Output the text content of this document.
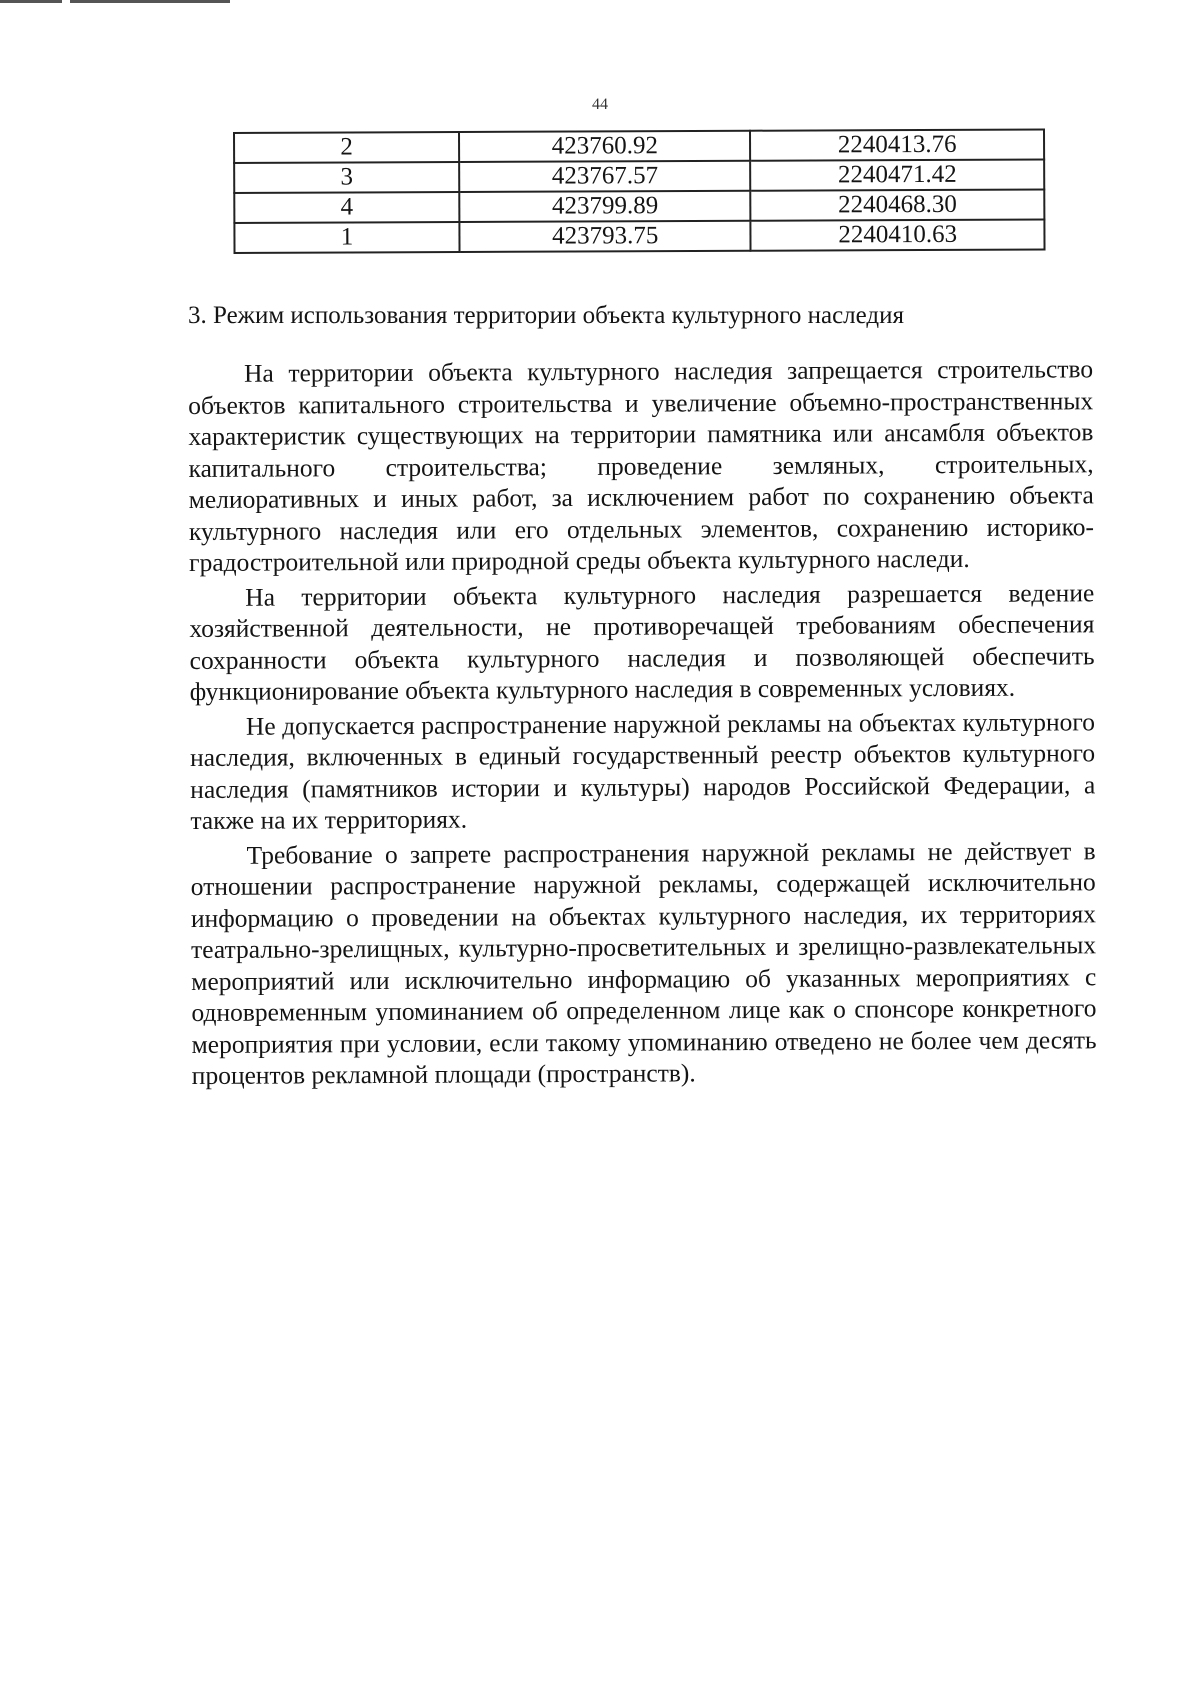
44
2	423760.92	2240413.76
3	423767.57	2240471.42
4	423799.89	2240468.30
1	423793.75	2240410.63
3. Режим использования территории объекта культурного наследия

На территории объекта культурного наследия запрещается строительство объектов капитального строительства и увеличение объемно-пространственных характеристик существующих на территории памятника или ансамбля объектов капитального строительства; проведение земляных, строительных, мелиоративных и иных работ, за исключением работ по сохранению объекта культурного наследия или его отдельных элементов, сохранению историко-градостроительной или природной среды объекта культурного наследи.

На территории объекта культурного наследия разрешается ведение хозяйственной деятельности, не противоречащей требованиям обеспечения сохранности объекта культурного наследия и позволяющей обеспечить функционирование объекта культурного наследия в современных условиях.

Не допускается распространение наружной рекламы на объектах культурного наследия, включенных в единый государственный реестр объектов культурного наследия (памятников истории и культуры) народов Российской Федерации, а также на их территориях.

Требование о запрете распространения наружной рекламы не действует в отношении распространение наружной рекламы, содержащей исключительно информацию о проведении на объектах культурного наследия, их территориях театрально-зрелищных, культурно-просветительных и зрелищно-развлекательных мероприятий или исключительно информацию об указанных мероприятиях с одновременным упоминанием об определенном лице как о спонсоре конкретного мероприятия при условии, если такому упоминанию отведено не более чем десять процентов рекламной площади (пространств).
